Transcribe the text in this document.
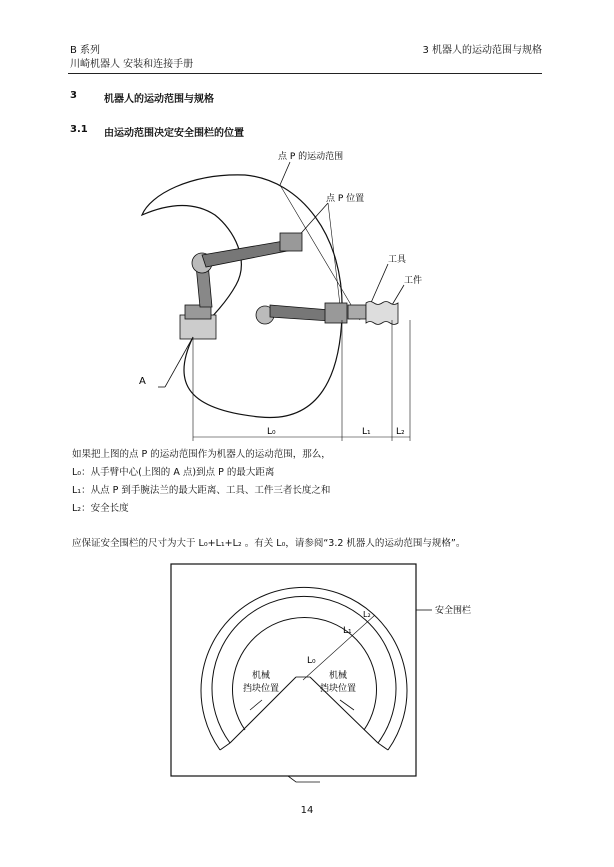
B 系列
川崎机器人 安装和连接手册
3 机器人的运动范围与规格
3	机器人的运动范围与规格
3.1 由运动范围决定安全围栏的位置
A
L₀	L₁	L₂
点 P 的运动范围
点 P 位置
工具
工件
如果把上图的点 P 的运动范围作为机器人的运动范围，那么，
L₀：从手臂中心(上图的 A 点)到点 P 的最大距离
L₁：从点 P 到手腕法兰的最大距离、工具、工件三者长度之和
L₂：安全长度
应保证安全围栏的尺寸为大于 L₀+L₁+L₂ 。有关 L₀，请参阅“3.2 机器人的运动范围与规格”。
L₀
L₁
L₂	安全围栏
机械
挡块位置
机械
挡块位置
14
